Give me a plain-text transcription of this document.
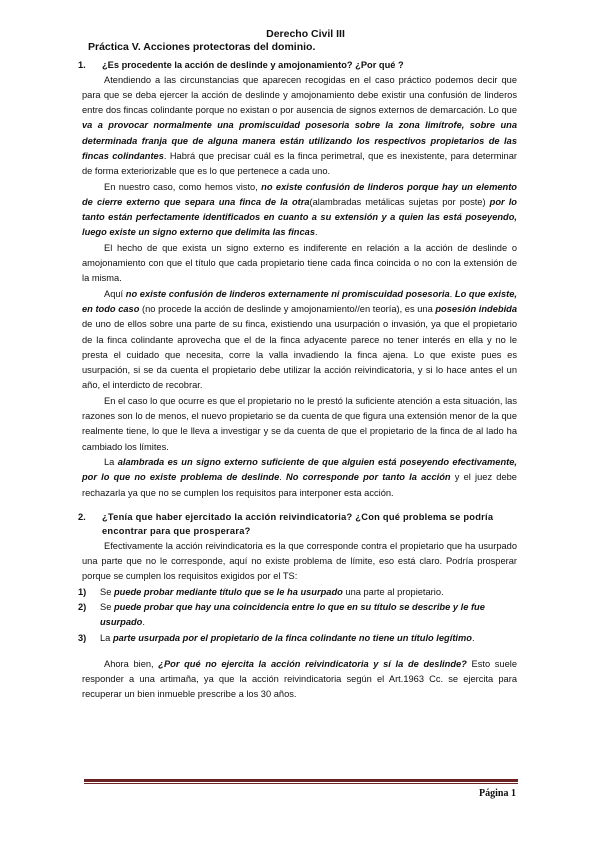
Derecho Civil III
Práctica V. Acciones protectoras del dominio.
1.	¿Es procedente la acción de deslinde y amojonamiento? ¿Por qué ?

Atendiendo a las circunstancias que aparecen recogidas en el caso práctico podemos decir que para que se deba ejercer la acción de deslinde y amojonamiento debe existir una confusión de linderos entre dos fincas colindante porque no existan o por ausencia de signos externos de demarcación. Lo que va a provocar normalmente una promiscuidad posesoria sobre la zona limítrofe, sobre una determinada franja que de alguna manera están utilizando los respectivos propietarios de las fincas colindantes. Habrá que precisar cuál es la finca perimetral, que es inexistente, para determinar de forma exteriorizable que es lo que pertenece a cada uno.

En nuestro caso, como hemos visto, no existe confusión de linderos porque hay un elemento de cierre externo que separa una finca de la otra(alambradas metálicas sujetas por poste) por lo tanto están perfectamente identificados en cuanto a su extensión y a quien las está poseyendo, luego existe un signo externo que delimita las fincas.

El hecho de que exista un signo externo es indiferente en relación a la acción de deslinde o amojonamiento con que el título que cada propietario tiene cada finca coincida o no con la extensión de la misma.

Aquí no existe confusión de linderos externamente ni promiscuidad posesoria. Lo que existe, en todo caso (no procede la acción de deslinde y amojonamiento//en teoría), es una posesión indebida de uno de ellos sobre una parte de su finca, existiendo una usurpación o invasión, ya que el propietario de la finca colindante aprovecha que el de la finca adyacente parece no tener interés en ella y no le presta el cuidado que necesita, corre la valla invadiendo la finca ajena. Lo que existe pues es usurpación, si se da cuenta el propietario debe utilizar la acción reivindicatoria, y si lo hace antes el un año, el interdicto de recobrar.

En el caso lo que ocurre es que el propietario no le prestó la suficiente atención a esta situación, las razones son lo de menos, el nuevo propietario se da cuenta de que figura una extensión menor de la que realmente tiene, lo que le lleva a investigar y se da cuenta de que el propietario de la finca de al lado ha cambiado los límites.

La alambrada es un signo externo suficiente de que alguien está poseyendo efectivamente, por lo que no existe problema de deslinde. No corresponde por tanto la acción y el juez debe rechazarla ya que no se cumplen los requisitos para interponer esta acción.

2.	¿Tenía que haber ejercitado la acción reivindicatoria? ¿Con qué problema se podría encontrar para que prosperara?

Efectivamente la acción reivindicatoria es la que corresponde contra el propietario que ha usurpado una parte que no le corresponde, aquí no existe problema de límite, eso está claro. Podría prosperar porque se cumplen los requisitos exigidos por el TS:

1)	Se puede probar mediante título que se le ha usurpado una parte al propietario.
2)	Se puede probar que hay una coincidencia entre lo que en su título se describe y le fue usurpado.
3)	La parte usurpada por el propietario de la finca colindante no tiene un título legítimo.

Ahora bien, ¿Por qué no ejercita la acción reivindicatoria y sí la de deslinde? Esto suele responder a una artimaña, ya que la acción reivindicatoria según el Art.1963 Cc. se ejercita para recuperar un bien inmueble prescribe a los 30 años.

Página 1
